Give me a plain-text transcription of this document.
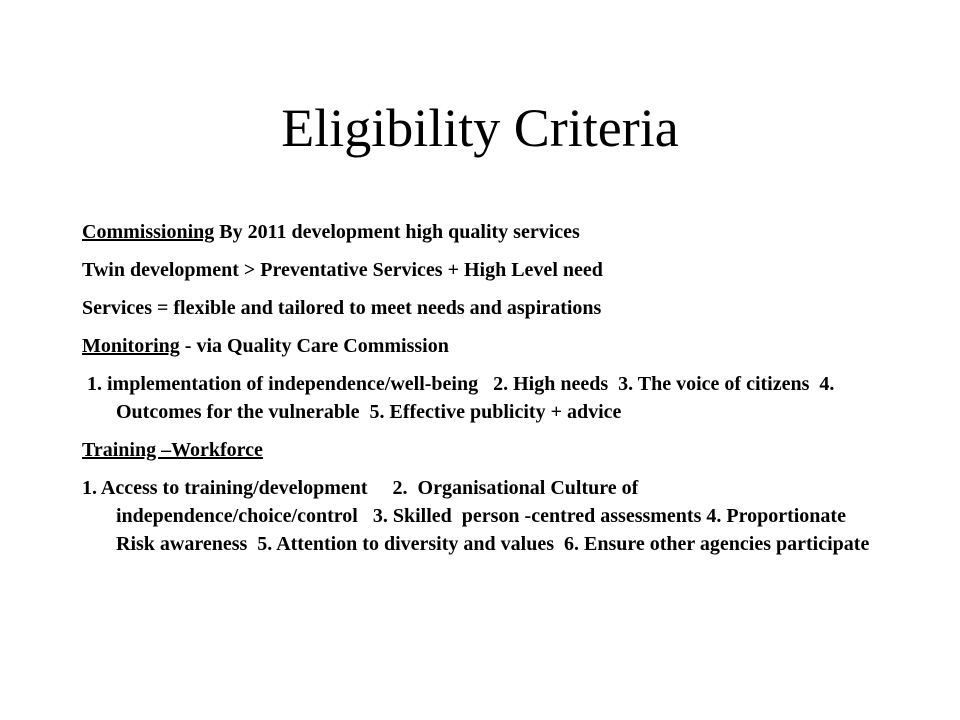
Eligibility Criteria

Commissioning By 2011 development high quality services

Twin development > Preventative Services + High Level need

Services = flexible and tailored to meet needs and aspirations

Monitoring - via Quality Care Commission

1. implementation of independence/well-being   2. High needs  3. The voice of citizens  4. Outcomes for the vulnerable  5. Effective publicity + advice

Training –Workforce

1. Access to training/development     2.  Organisational Culture of independence/choice/control   3. Skilled  person -centred assessments 4. Proportionate Risk awareness  5. Attention to diversity and values  6. Ensure other agencies participate
